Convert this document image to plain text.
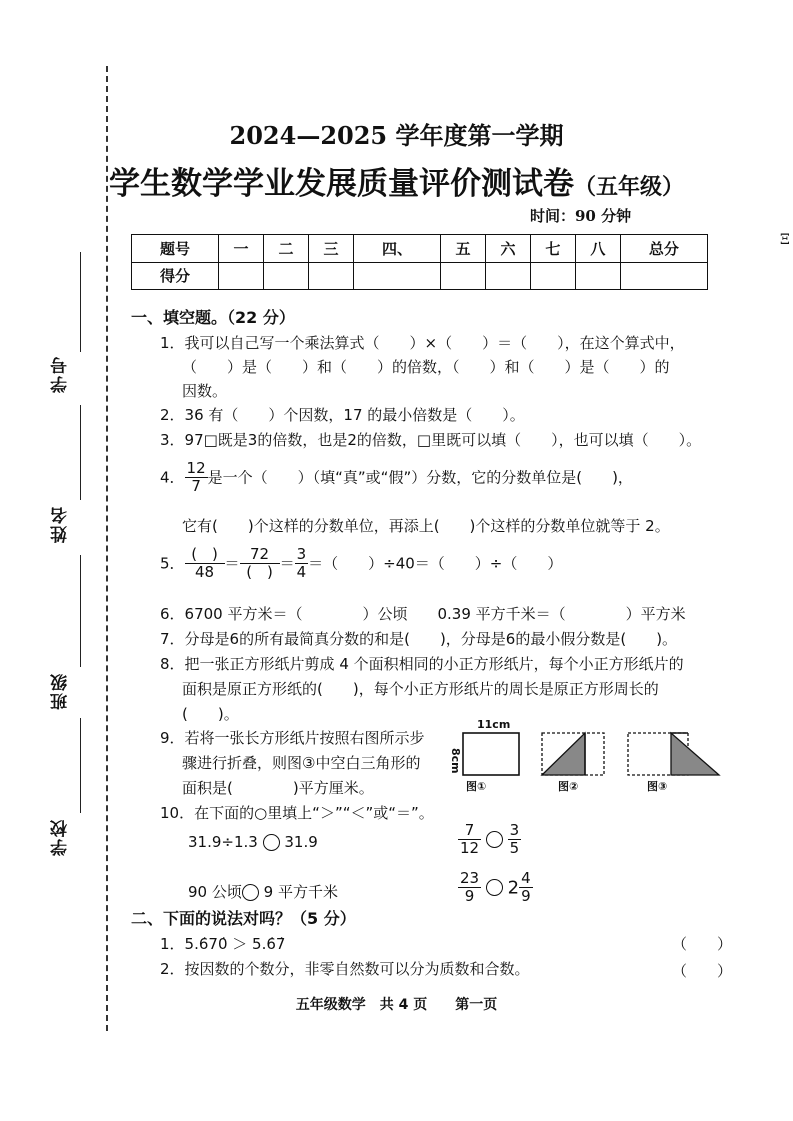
学号
姓名
班级
学校
2024—2025 学年度第一学期
学生数学学业发展质量评价测试卷（五年级）
时间：90 分钟
Ξ
题号	一	二	三	四、	五	六	七	八	总分
得分									
一、填空题。（22 分）
1．我可以自己写一个乘法算式（　　）×（　　）＝（　　），在这个算式中，
（　　）是（　　）和（　　）的倍数，（　　）和（　　）是（　　）的
因数。
2．36 有（　　）个因数，17 的最小倍数是（　　）。
3．97□既是3的倍数，也是2的倍数，□里既可以填（　　），也可以填（　　）。
4． $\frac{12}{7}$ 是一个（　　）（填“真”或“假”）分数，它的分数单位是(　　)，
它有(　　)个这样的分数单位，再添上(　　)个这样的分数单位就等于 2。
5．
(　)
48 ＝
72
(　) ＝ $\frac{3}{4}$ ＝（　　）÷40＝（　　）÷（　　）
6．6700 平方米＝（　　　　）公顷　　0.39 平方千米＝（　　　　）平方米
7．分母是6的所有最简真分数的和是(　　)，分母是6的最小假分数是(　　)。
8．把一张正方形纸片剪成 4 个面积相同的小正方形纸片，每个小正方形纸片的
面积是原正方形纸的(　　)，每个小正方形纸片的周长是原正方形周长的
(　　)。
9．若将一张长方形纸片按照右图所示步
骤进行折叠，则图③中空白三角形的
面积是(　　　　)平方厘米。
11cm
8cm
图①	图②	图③
10．在下面的○里填上“＞”“＜”或“＝”。
31.9÷1.3 31.9	$\frac{7}{12}$
$\frac{3}{5}$
90 公顷 9 平方千米	$\frac{23}{9} 2 \frac{4}{9}$
二、下面的说法对吗？（5 分）
1．5.6̇70̇ ＞ 5.6̇7̇	（　　）
2．按因数的个数分，非零自然数可以分为质数和合数。	（　　）
五年级数学　共 4 页　　第一页
